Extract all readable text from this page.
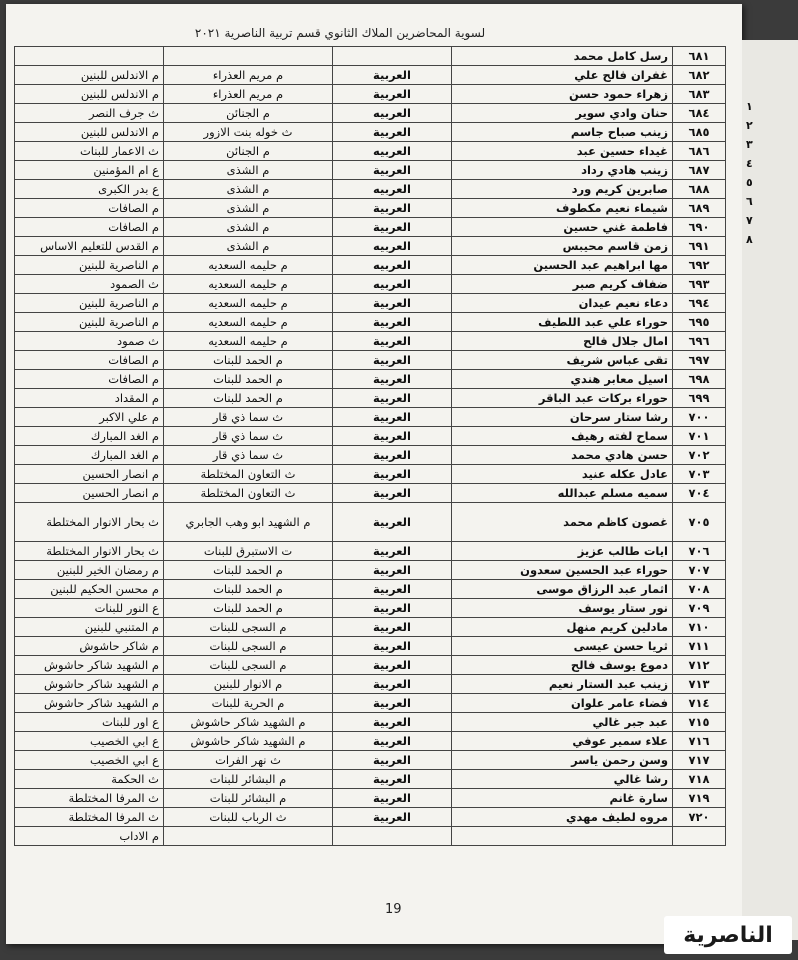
١
٢
٣
٤
٥
٦
٧
٨
لسوية المحاضرين الملاك الثانوي قسم تربية الناصرية ٢٠٢١
٦٨١	رسل كامل محمد			
٦٨٢	غفران فالح علي	العربية	م مريم العذراء	م الاندلس للبنين
٦٨٣	زهراء حمود حسن	العربية	م مريم العذراء	م الاندلس للبنين
٦٨٤	حنان وادي سوير	العربيه	م الجنائن	ث جرف النصر
٦٨٥	زينب صباح جاسم	العربية	ث خوله بنت الازور	م الاندلس للبنين
٦٨٦	غيداء حسين عبد	العربيه	م الجنائن	ث الاعمار للبنات
٦٨٧	زينب هادي رداد	العربية	م الشذى	ع ام المؤمنين
٦٨٨	صابرين كريم ورد	العربيه	م الشذى	ع بدر الكبرى
٦٨٩	شيماء نعيم مكطوف	العربية	م الشذى	م الصافات
٦٩٠	فاطمة غني حسين	العربية	م الشذى	م الصافات
٦٩١	زمن قاسم محيبس	العربيه	م الشذى	م القدس للتعليم الاساس
٦٩٢	مها ابراهيم عبد الحسين	العربيه	م حليمه السعديه	م الناصرية للبنين
٦٩٣	ضفاف كريم صبر	العربيه	م حليمه السعديه	ث الصمود
٦٩٤	دعاء نعيم عيدان	العربية	م حليمه السعديه	م الناصرية للبنين
٦٩٥	حوراء علي عبد اللطيف	العربية	م حليمه السعديه	م الناصرية للبنين
٦٩٦	امال جلال فالح	العربية	م حليمه السعديه	ث صمود
٦٩٧	تقى عباس شريف	العربية	م الحمد للبنات	م الصافات
٦٩٨	اسيل معابر هندي	العربية	م الحمد للبنات	م الصافات
٦٩٩	حوراء بركات عبد الباقر	العربية	م الحمد للبنات	م المقداد
٧٠٠	رشا ستار سرحان	العربية	ث سما ذي قار	م علي الاكبر
٧٠١	سماح لفته رهيف	العربية	ث سما ذي قار	م الغد المبارك
٧٠٢	حسن هادي محمد	العربية	ث سما ذي قار	م الغد المبارك
٧٠٣	عادل عكله عنيد	العربية	ث التعاون المختلطة	م انصار الحسين
٧٠٤	سميه مسلم عبدالله	العربية	ث التعاون المختلطة	م انصار الحسين
٧٠٥	غصون كاظم محمد	العربية	م الشهيد ابو وهب الجابري	ث بحار الانوار المختلطة
٧٠٦	ايات طالب عزيز	العربية	ت الاستبرق للبنات	ث بحار الانوار المختلطة
٧٠٧	حوراء عبد الحسين سعدون	العربية	م الحمد للبنات	م رمضان الخير للبنين
٧٠٨	اثمار عبد الرزاق موسى	العربية	م الحمد للبنات	م محسن الحكيم للبنين
٧٠٩	نور ستار يوسف	العربية	م الحمد للبنات	ع النور للبنات
٧١٠	مادلين كريم منهل	العربية	م السجى للبنات	م المتنبي للبنين
٧١١	ثريا حسن عيسى	العربية	م السجى للبنات	م شاكر حاشوش
٧١٢	دموع يوسف فالح	العربية	م السجى للبنات	م الشهيد شاكر حاشوش
٧١٣	زينب عبد الستار نعيم	العربية	م الانوار للبنين	م الشهيد شاكر حاشوش
٧١٤	فضاء عامر علوان	العربية	م الحرية للبنات	م الشهيد شاكر حاشوش
٧١٥	عبد جبر غالي	العربية	م الشهيد شاكر حاشوش	ع اور للبنات
٧١٦	علاء سمير عوفي	العربية	م الشهيد شاكر حاشوش	ع ابي الخصيب
٧١٧	وسن رحمن ياسر	العربية	ث نهر الفرات	ع ابي الخصيب
٧١٨	رشا غالي	العربية	م البشائر للبنات	ث الحكمة
٧١٩	سارة غانم	العربية	م البشائر للبنات	ث المرفا المختلطة
٧٢٠	مروه لطيف مهدي	العربية	ث الرباب للبنات	ث المرفا المختلطة
				م الاداب
19
الناصرية
